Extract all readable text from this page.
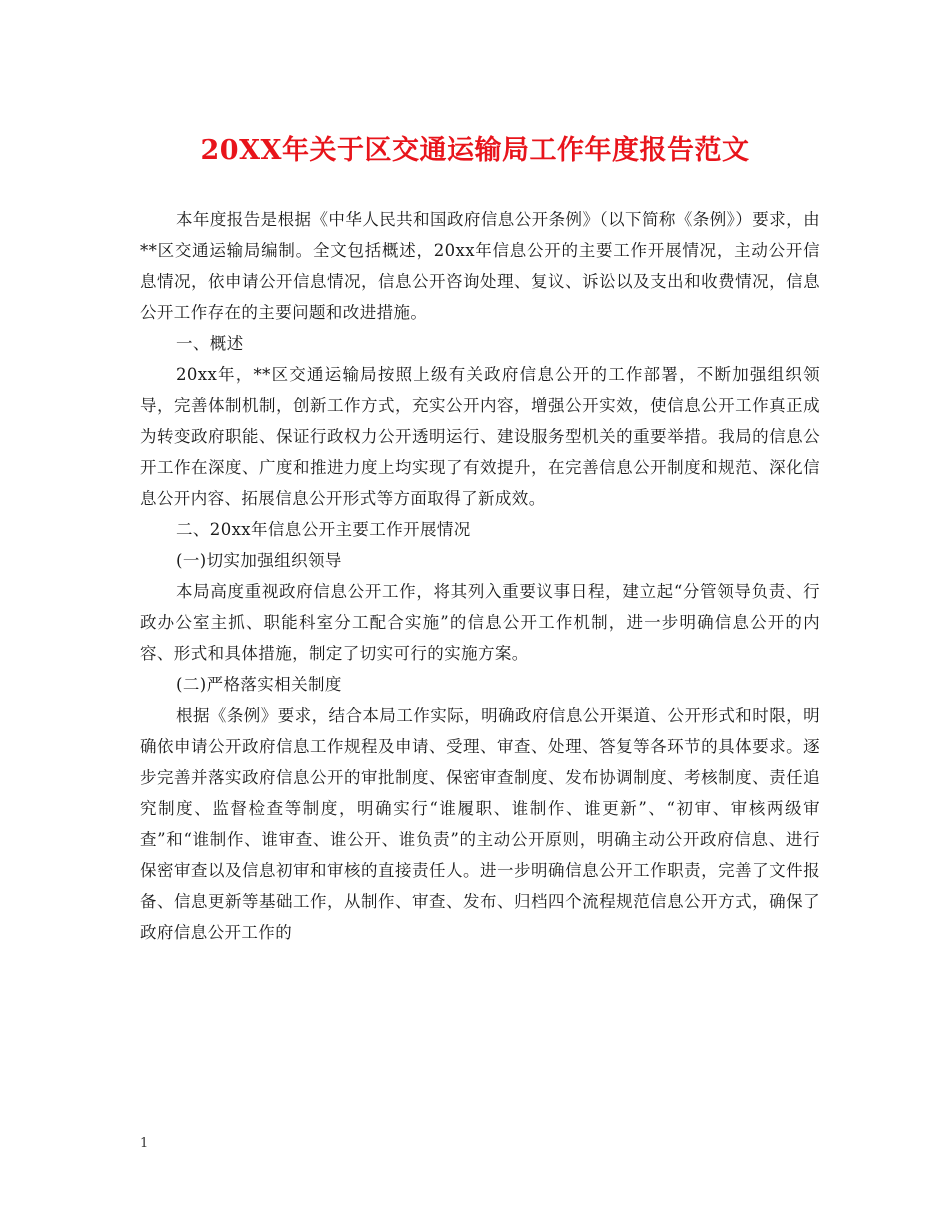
20XX年关于区交通运输局工作年度报告范文

本年度报告是根据《中华人民共和国政府信息公开条例》（以下简称《条例》）要求，由**区交通运输局编制。全文包括概述，20xx年信息公开的主要工作开展情况，主动公开信息情况，依申请公开信息情况，信息公开咨询处理、复议、诉讼以及支出和收费情况，信息公开工作存在的主要问题和改进措施。

一、概述

20xx年，**区交通运输局按照上级有关政府信息公开的工作部署，不断加强组织领导，完善体制机制，创新工作方式，充实公开内容，增强公开实效，使信息公开工作真正成为转变政府职能、保证行政权力公开透明运行、建设服务型机关的重要举措。我局的信息公开工作在深度、广度和推进力度上均实现了有效提升，在完善信息公开制度和规范、深化信息公开内容、拓展信息公开形式等方面取得了新成效。

二、20xx年信息公开主要工作开展情况

(一)切实加强组织领导

本局高度重视政府信息公开工作，将其列入重要议事日程，建立起“分管领导负责、行政办公室主抓、职能科室分工配合实施”的信息公开工作机制，进一步明确信息公开的内容、形式和具体措施，制定了切实可行的实施方案。

(二)严格落实相关制度

根据《条例》要求，结合本局工作实际，明确政府信息公开渠道、公开形式和时限，明确依申请公开政府信息工作规程及申请、受理、审查、处理、答复等各环节的具体要求。逐步完善并落实政府信息公开的审批制度、保密审查制度、发布协调制度、考核制度、责任追究制度、监督检查等制度，明确实行“谁履职、谁制作、谁更新”、“初审、审核两级审查”和“谁制作、谁审查、谁公开、谁负责”的主动公开原则，明确主动公开政府信息、进行保密审查以及信息初审和审核的直接责任人。进一步明确信息公开工作职责，完善了文件报备、信息更新等基础工作，从制作、审查、发布、归档四个流程规范信息公开方式，确保了政府信息公开工作的

1
